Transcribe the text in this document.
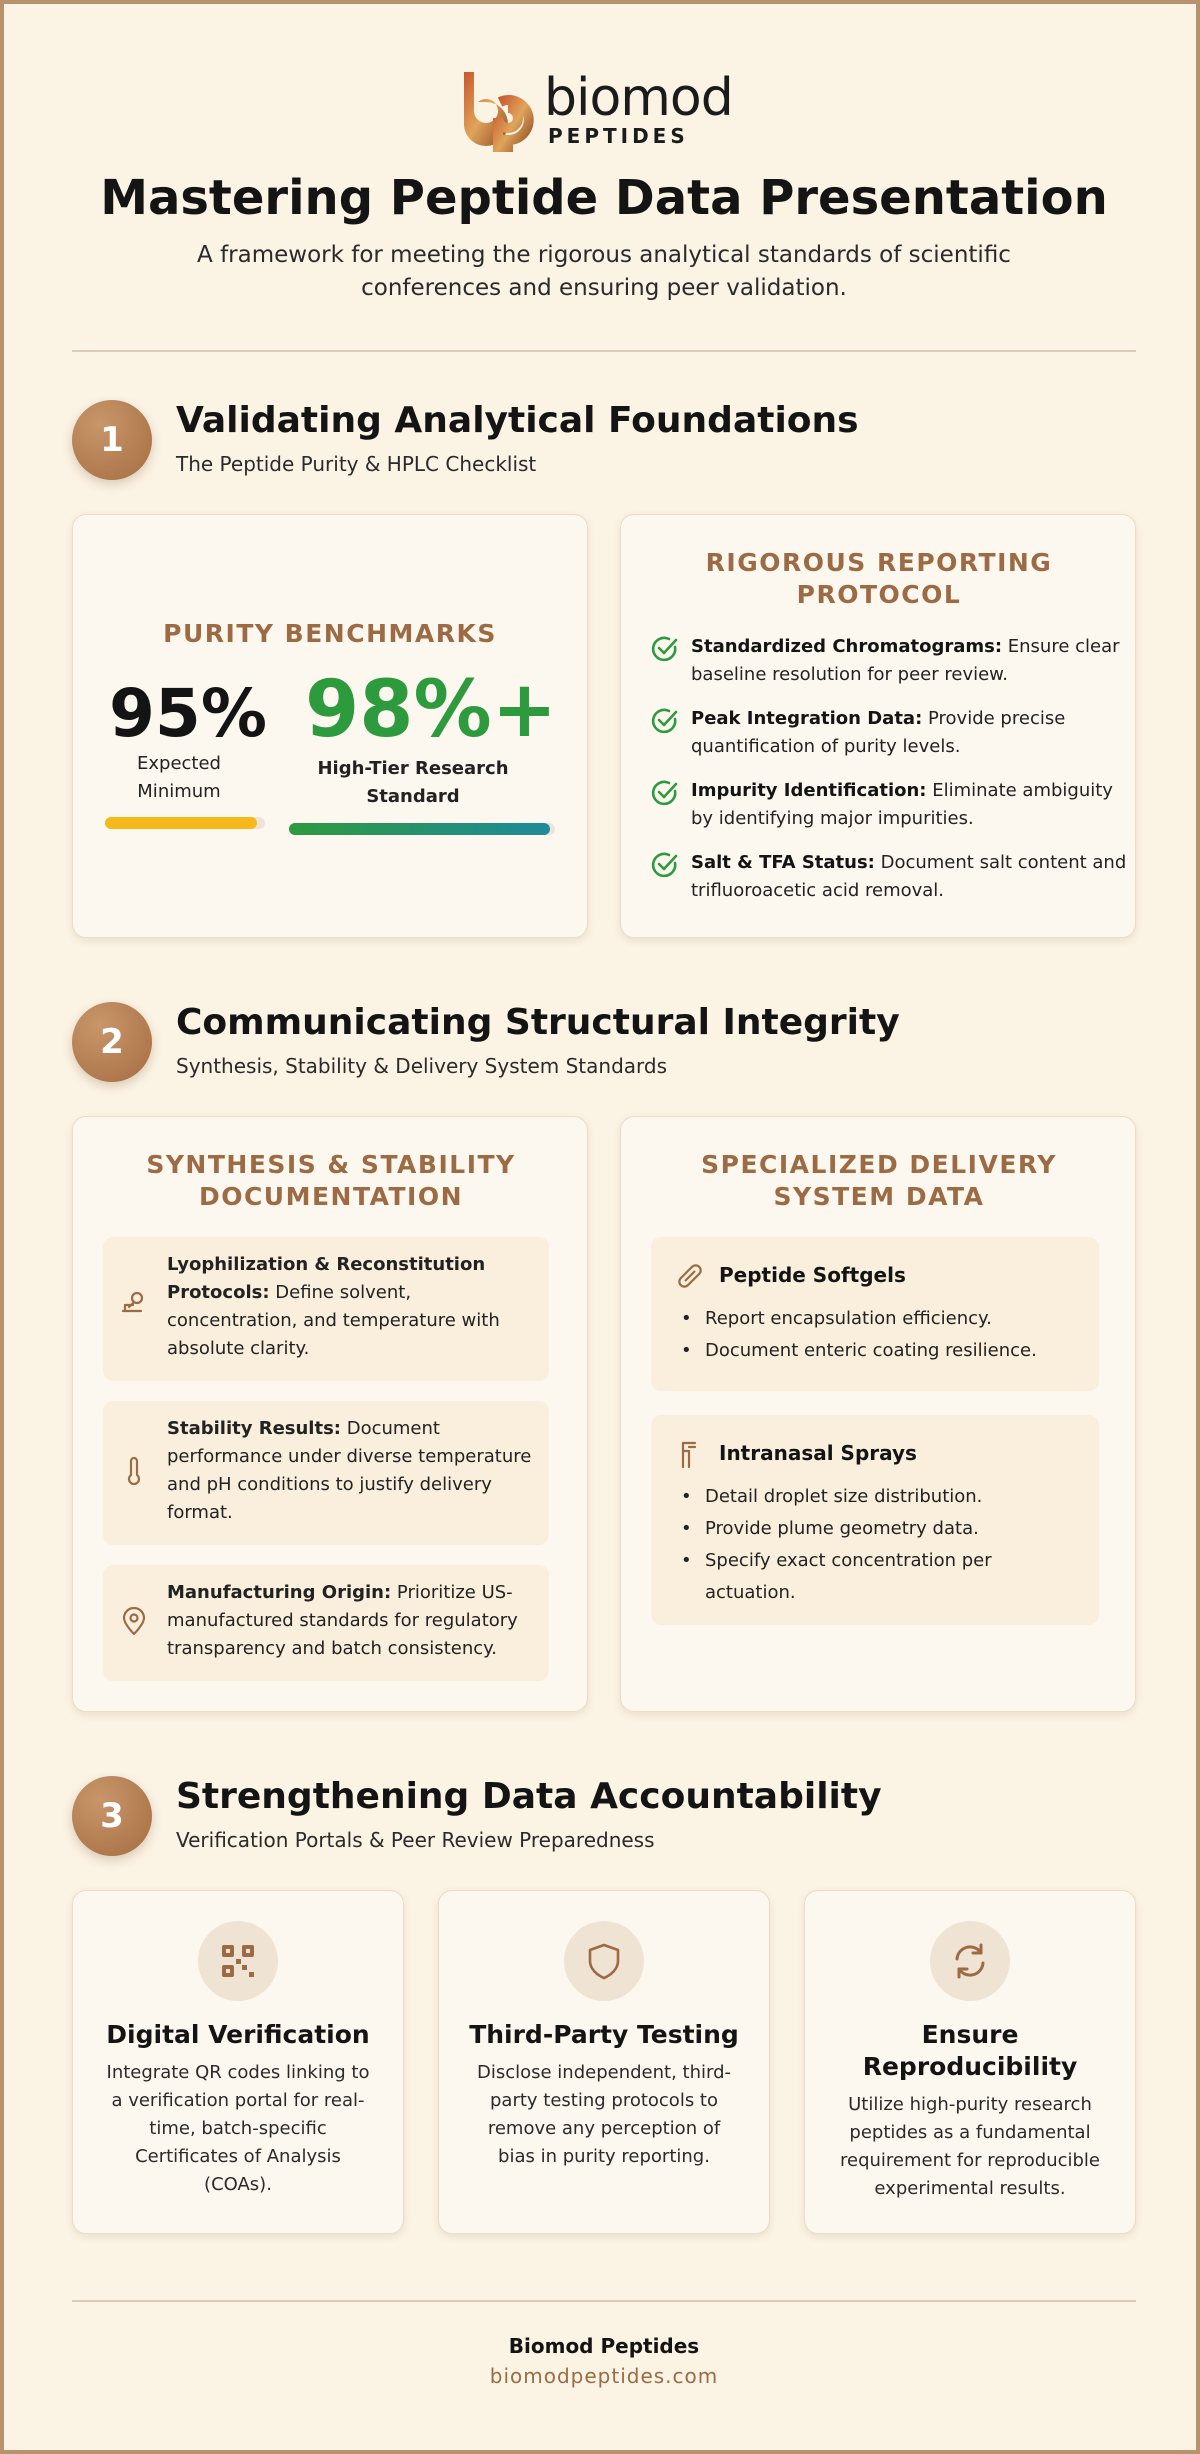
biomod
PEPTIDES
Mastering Peptide Data Presentation
A framework for meeting the rigorous analytical standards of scientific conferences and ensuring peer validation.
1	Validating Analytical Foundations
The Peptide Purity & HPLC Checklist
PURITY BENCHMARKS
95%
Expected Minimum
98%+
High-Tier Research Standard
RIGOROUS REPORTING PROTOCOL
Standardized Chromatograms: Ensure clear baseline resolution for peer review.
Peak Integration Data: Provide precise quantification of purity levels.
Impurity Identification: Eliminate ambiguity by identifying major impurities.
Salt & TFA Status: Document salt content and trifluoroacetic acid removal.
2	Communicating Structural Integrity
Synthesis, Stability & Delivery System Standards
SYNTHESIS & STABILITY DOCUMENTATION
Lyophilization & Reconstitution Protocols: Define solvent, concentration, and temperature with absolute clarity.
Stability Results: Document performance under diverse temperature and pH conditions to justify delivery format.
Manufacturing Origin: Prioritize US-manufactured standards for regulatory transparency and batch consistency.
SPECIALIZED DELIVERY SYSTEM DATA
Peptide Softgels
• Report encapsulation efficiency.
• Document enteric coating resilience.
Intranasal Sprays
• Detail droplet size distribution.
• Provide plume geometry data.
• Specify exact concentration per actuation.
3	Strengthening Data Accountability
Verification Portals & Peer Review Preparedness
Digital Verification
Integrate QR codes linking to a verification portal for real-time, batch-specific Certificates of Analysis (COAs).
Third-Party Testing
Disclose independent, third-party testing protocols to remove any perception of bias in purity reporting.
Ensure Reproducibility
Utilize high-purity research peptides as a fundamental requirement for reproducible experimental results.
Biomod Peptides
biomodpeptides.com
